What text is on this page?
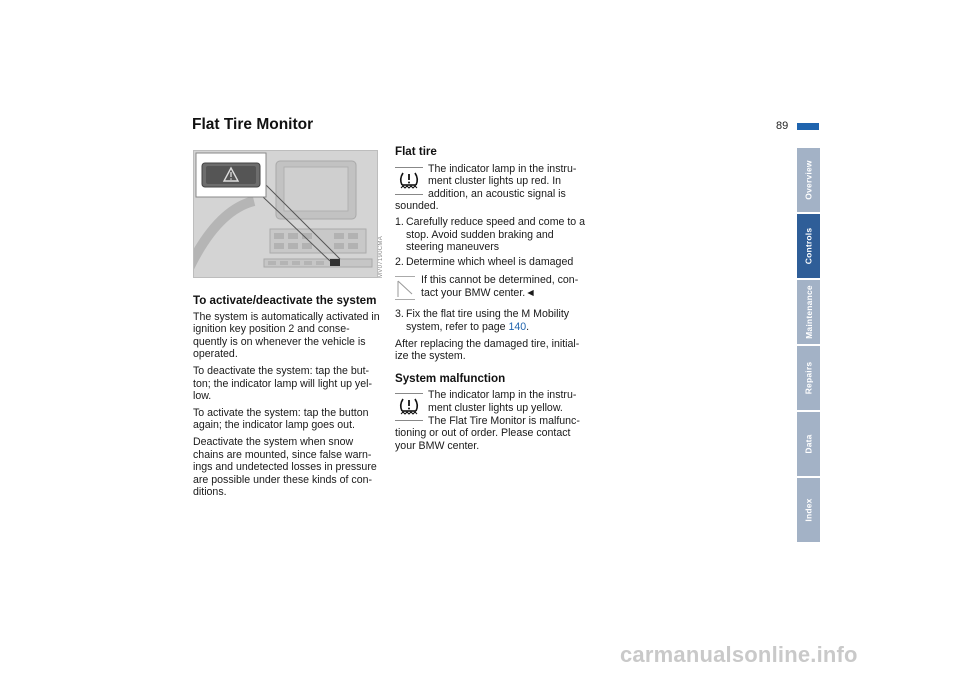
Flat Tire Monitor	89
MV07190CMA
To activate/deactivate the system

The system is automatically activated in ignition key position 2 and conse-quently is on whenever the vehicle is operated.

To deactivate the system: tap the but-ton; the indicator lamp will light up yel-low.

To activate the system: tap the button again; the indicator lamp goes out.

Deactivate the system when snow chains are mounted, since false warn-ings and undetected losses in pressure are possible under these kinds of con-ditions.

Flat tire
The indicator lamp in the instru-
ment cluster lights up red. In
addition, an acoustic signal is
sounded.
1. Carefully reduce speed and come to a stop. Avoid sudden braking and steering maneuvers
2. Determine which wheel is damaged
If this cannot be determined, con-tact your BMW center.◄
3. Fix the flat tire using the M Mobility system, refer to page 140.

After replacing the damaged tire, initial-ize the system.

System malfunction
The indicator lamp in the instru-
ment cluster lights up yellow.
The Flat Tire Monitor is malfunc-
tioning or out of order. Please contact your BMW center.
Overview
Controls
Maintenance
Repairs
Data
Index
carmanualsonline.info
